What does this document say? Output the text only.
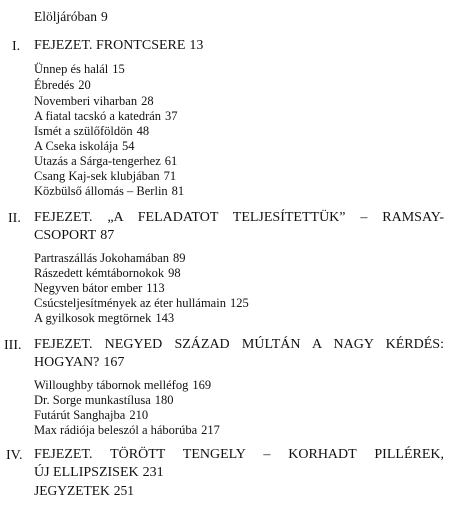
Elöljáróban 9
I. FEJEZET. FRONTCSERE 13
Ünnep és halál 15
Ébredés 20
Novemberi viharban 28
A fiatal tacskó a katedrán 37
Ismét a szülőföldön 48
A Cseka iskolája 54
Utazás a Sárga-tengerhez 61
Csang Kaj-sek klubjában 71
Közbülső állomás – Berlin 81
II. FEJEZET. „A FELADATOT TELJESÍTETTÜK” – RAMSAY-
CSOPORT 87
Partraszállás Jokohamában 89
Rászedett kémtábornokok 98
Negyven bátor ember 113
Csúcsteljesítmények az éter hullámain 125
A gyilkosok megtörnek 143
III. FEJEZET. NEGYED SZÁZAD MÚLTÁN A NAGY KÉRDÉS:
HOGYAN? 167
Willoughby tábornok melléfog 169
Dr. Sorge munkastílusa 180
Futárút Sanghajba 210
Max rádiója beleszól a háborúba 217
IV. FEJEZET. TÖRÖTT TENGELY – KORHADT PILLÉREK,
ÚJ ELLIPSZISEK 231
JEGYZETEK 251
